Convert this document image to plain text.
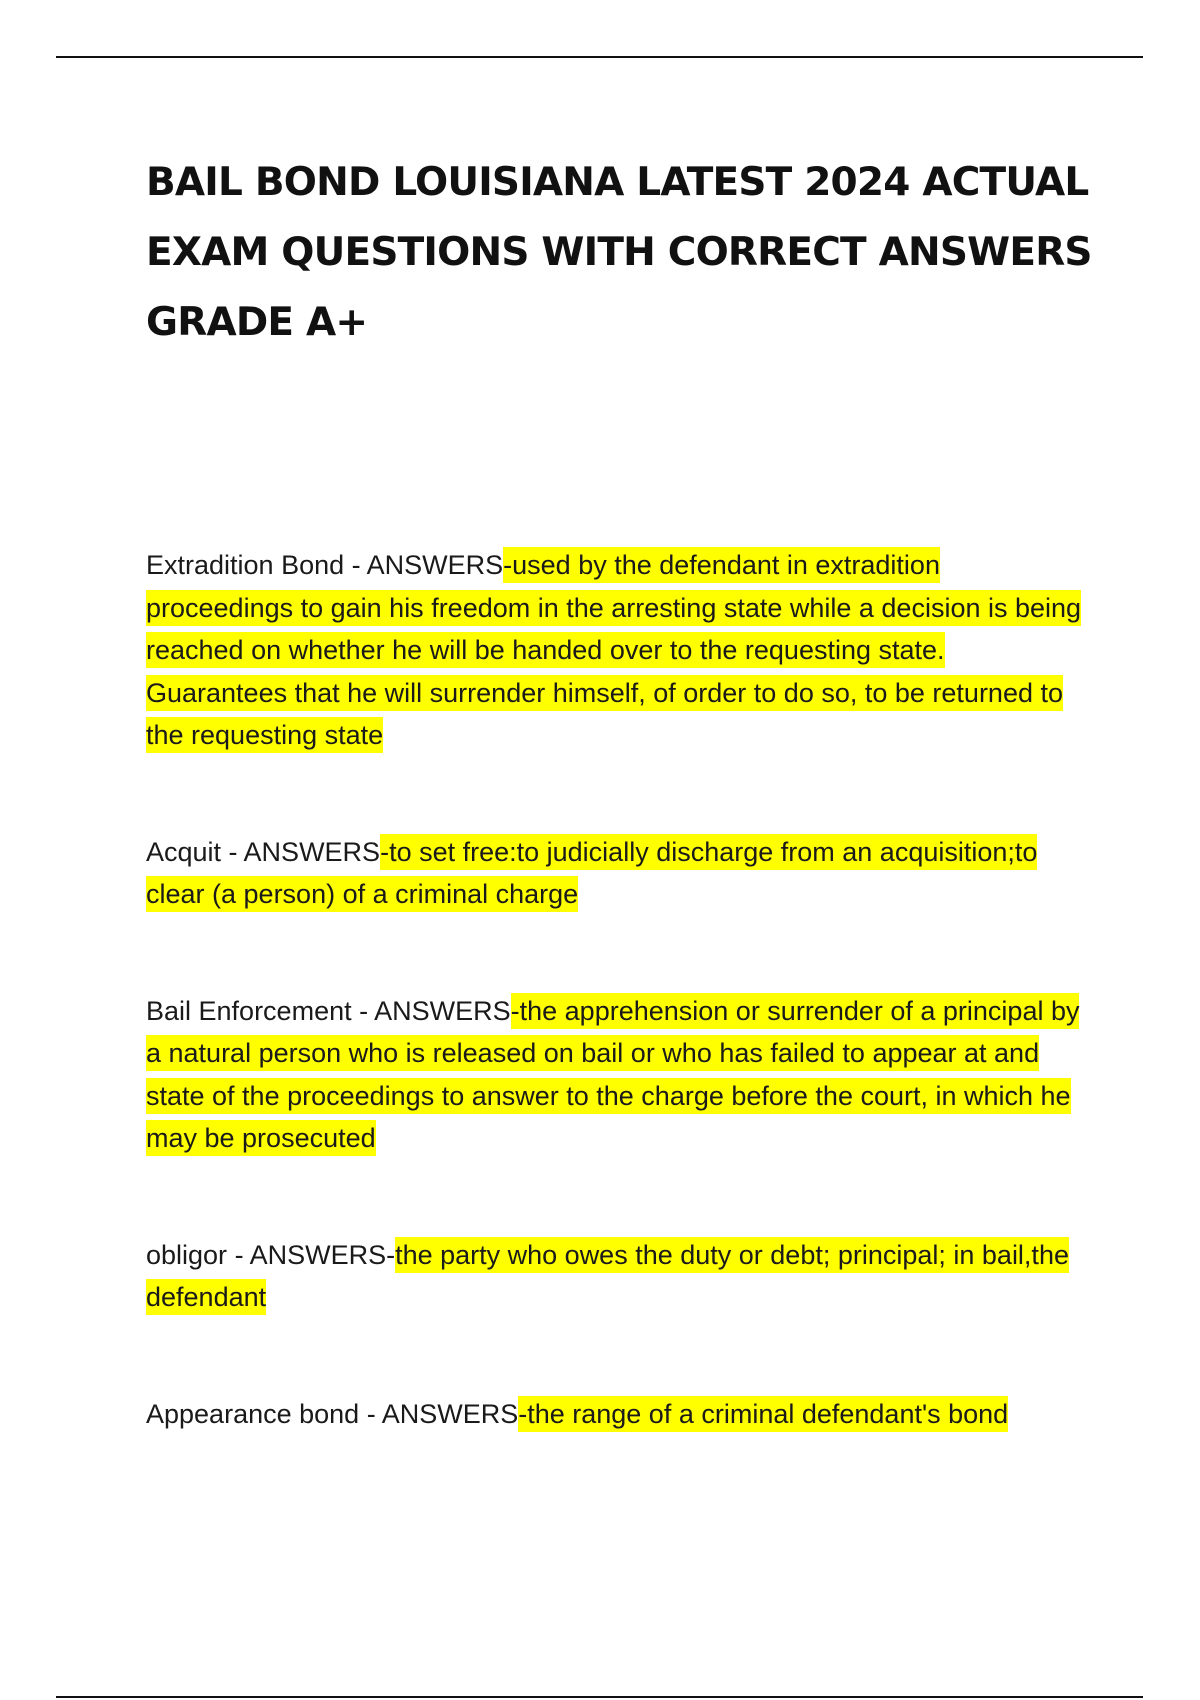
BAIL BOND LOUISIANA LATEST 2024 ACTUAL EXAM QUESTIONS WITH CORRECT ANSWERS GRADE A+

Extradition Bond - ANSWERS-used by the defendant in extradition proceedings to gain his freedom in the arresting state while a decision is being reached on whether he will be handed over to the requesting state. Guarantees that he will surrender himself, of order to do so, to be returned to the requesting state

Acquit - ANSWERS-to set free:to judicially discharge from an acquisition;to clear (a person) of a criminal charge

Bail Enforcement - ANSWERS-the apprehension or surrender of a principal by a natural person who is released on bail or who has failed to appear at and state of the proceedings to answer to the charge before the court, in which he may be prosecuted

obligor - ANSWERS-the party who owes the duty or debt; principal; in bail,the defendant

Appearance bond - ANSWERS-the range of a criminal defendant's bond
